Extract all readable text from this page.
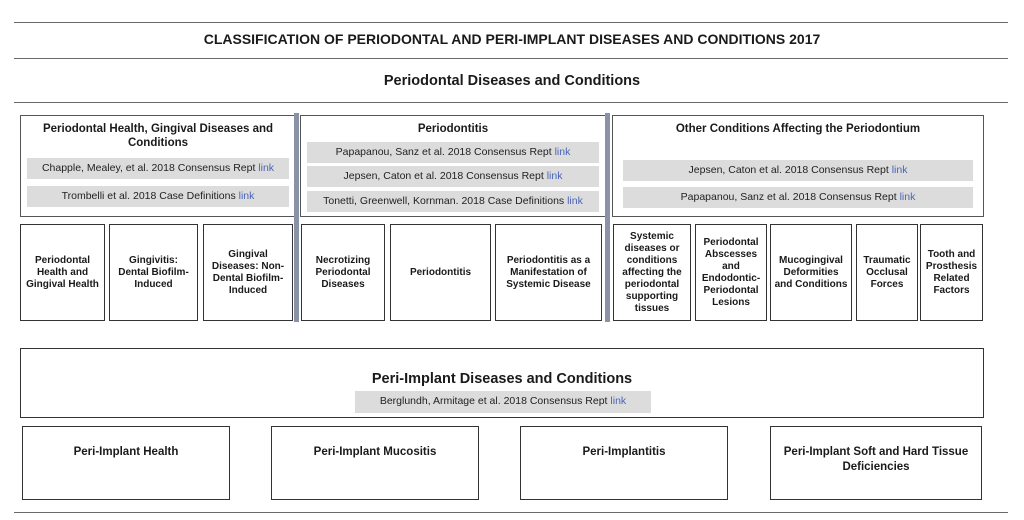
CLASSIFICATION OF PERIODONTAL AND PERI-IMPLANT DISEASES AND CONDITIONS 2017
Periodontal Diseases and Conditions
Periodontal Health, Gingival Diseases and Conditions
Chapple, Mealey, et al. 2018 Consensus Rept link
Trombelli et al. 2018 Case Definitions link
Periodontitis
Papapanou, Sanz et al. 2018 Consensus Rept link
Jepsen, Caton et al. 2018 Consensus Rept link
Tonetti, Greenwell, Kornman. 2018 Case Definitions link
Other Conditions Affecting the Periodontium
Jepsen, Caton et al. 2018 Consensus Rept link
Papapanou, Sanz et al. 2018 Consensus Rept link
Periodontal Health and Gingival Health
Gingivitis: Dental Biofilm-Induced
Gingival Diseases: Non-Dental Biofilm-Induced
Necrotizing Periodontal Diseases
Periodontitis
Periodontitis as a Manifestation of Systemic Disease
Systemic diseases or conditions affecting the periodontal supporting tissues
Periodontal Abscesses and Endodontic-Periodontal Lesions
Mucogingival Deformities and Conditions
Traumatic Occlusal Forces
Tooth and Prosthesis Related Factors
Peri-Implant Diseases and Conditions
Berglundh, Armitage et al. 2018 Consensus Rept link
Peri-Implant Health	Peri-Implant Mucositis	Peri-Implantitis	Peri-Implant Soft and Hard Tissue Deficiencies
